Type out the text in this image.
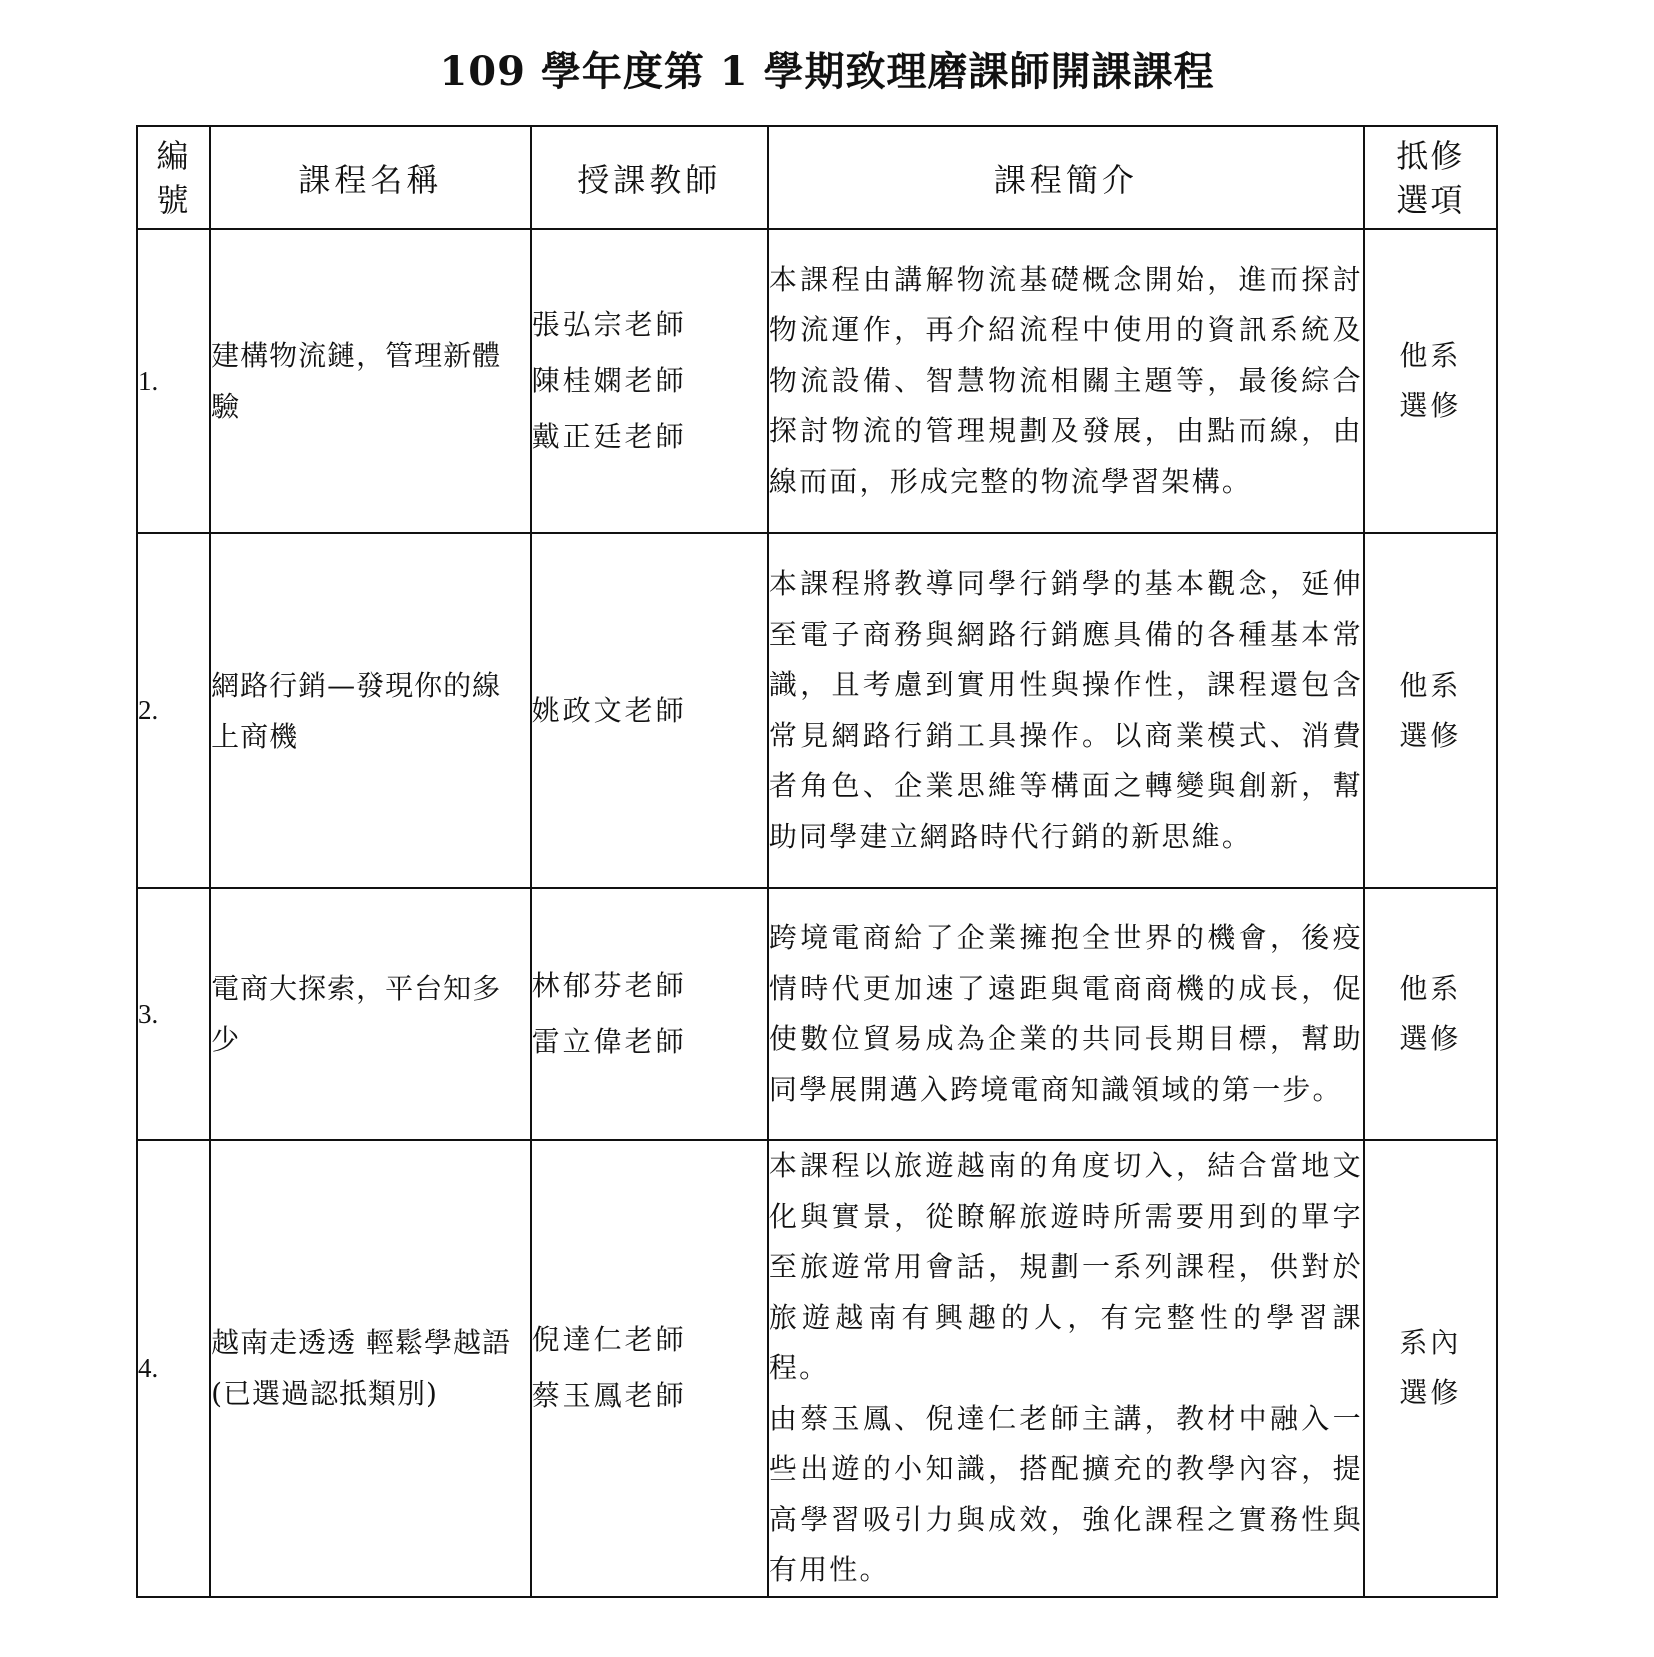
109 學年度第 1 學期致理磨課師開課課程
編
號	課程名稱	授課教師	課程簡介	抵修
選項
1.	建構物流鏈，管理新體驗	張弘宗老師
陳桂嫻老師
戴正廷老師	本課程由講解物流基礎概念開始，進而探討物流運作，再介紹流程中使用的資訊系統及物流設備、智慧物流相關主題等，最後綜合探討物流的管理規劃及發展，由點而線，由線而面，形成完整的物流學習架構。	他系
選修

2.	網路行銷—發現你的線上商機	姚政文老師	本課程將教導同學行銷學的基本觀念，延伸至電子商務與網路行銷應具備的各種基本常識，且考慮到實用性與操作性，課程還包含常見網路行銷工具操作。以商業模式、消費者角色、企業思維等構面之轉變與創新，幫助同學建立網路時代行銷的新思維。	他系
選修

3.	電商大探索，平台知多少	林郁芬老師
雷立偉老師	跨境電商給了企業擁抱全世界的機會，後疫情時代更加速了遠距與電商商機的成長，促使數位貿易成為企業的共同長期目標，幫助同學展開邁入跨境電商知識領域的第一步。	他系
選修

4.	越南走透透 輕鬆學越語(已選過認抵類別)	倪達仁老師
蔡玉鳳老師	本課程以旅遊越南的角度切入，結合當地文化與實景，從瞭解旅遊時所需要用到的單字至旅遊常用會話，規劃一系列課程，供對於旅遊越南有興趣的人，有完整性的學習課程。
由蔡玉鳳、倪達仁老師主講，教材中融入一些出遊的小知識，搭配擴充的教學內容，提高學習吸引力與成效，強化課程之實務性與有用性。	系內
選修
